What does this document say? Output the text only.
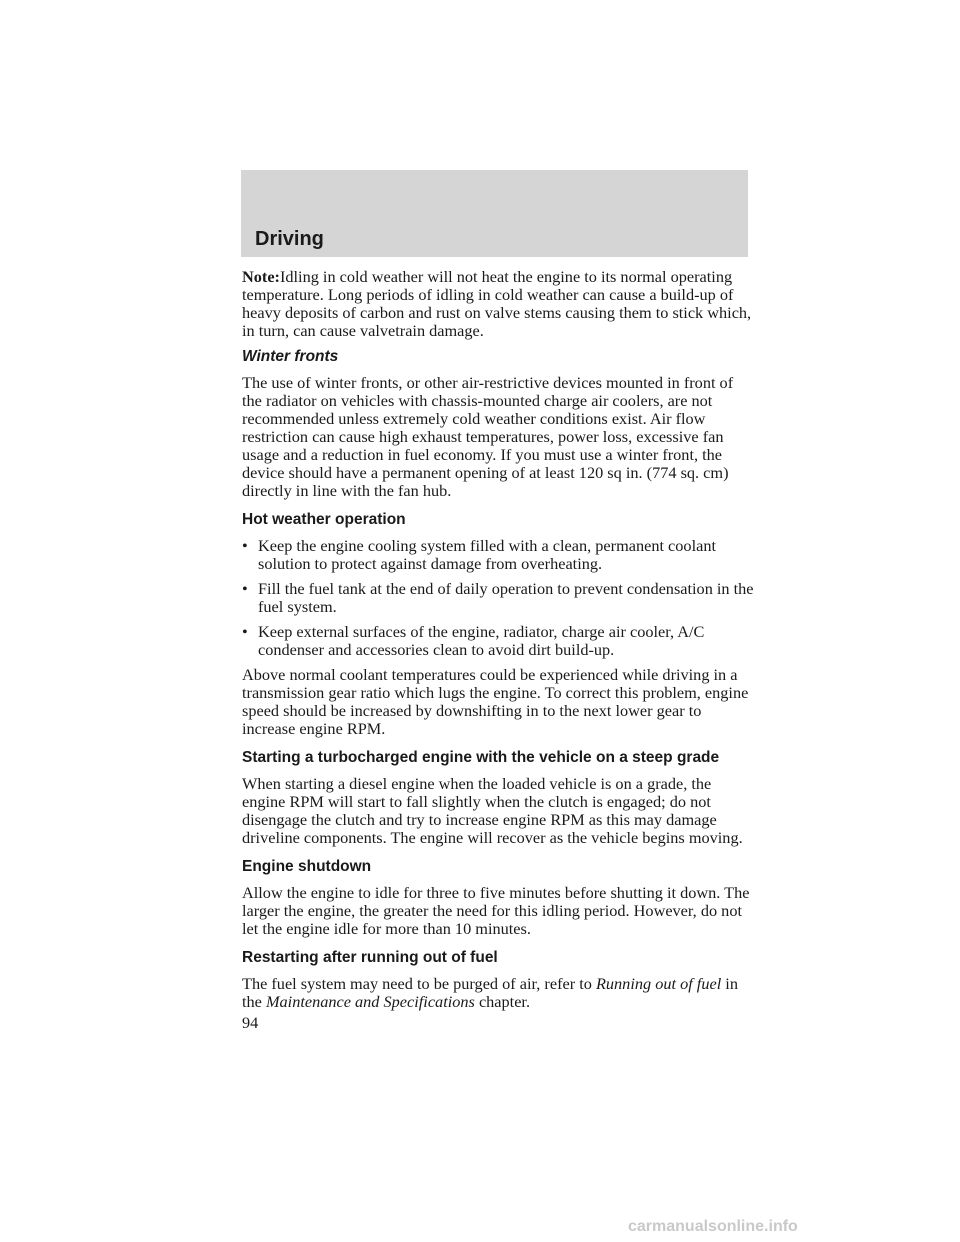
Driving

Note:Idling in cold weather will not heat the engine to its normal operating temperature. Long periods of idling in cold weather can cause a build-up of heavy deposits of carbon and rust on valve stems causing them to stick which, in turn, can cause valvetrain damage.

Winter fronts

The use of winter fronts, or other air-restrictive devices mounted in front of the radiator on vehicles with chassis-mounted charge air coolers, are not recommended unless extremely cold weather conditions exist. Air flow restriction can cause high exhaust temperatures, power loss, excessive fan usage and a reduction in fuel economy. If you must use a winter front, the device should have a permanent opening of at least 120 sq in. (774 sq. cm) directly in line with the fan hub.

Hot weather operation
• Keep the engine cooling system filled with a clean, permanent coolant solution to protect against damage from overheating.
• Fill the fuel tank at the end of daily operation to prevent condensation in the fuel system.
• Keep external surfaces of the engine, radiator, charge air cooler, A/C condenser and accessories clean to avoid dirt build-up.

Above normal coolant temperatures could be experienced while driving in a transmission gear ratio which lugs the engine. To correct this problem, engine speed should be increased by downshifting in to the next lower gear to increase engine RPM.

Starting a turbocharged engine with the vehicle on a steep grade

When starting a diesel engine when the loaded vehicle is on a grade, the engine RPM will start to fall slightly when the clutch is engaged; do not disengage the clutch and try to increase engine RPM as this may damage driveline components. The engine will recover as the vehicle begins moving.

Engine shutdown

Allow the engine to idle for three to five minutes before shutting it down. The larger the engine, the greater the need for this idling period. However, do not let the engine idle for more than 10 minutes.

Restarting after running out of fuel

The fuel system may need to be purged of air, refer to Running out of fuel in the Maintenance and Specifications chapter.

94
carmanualsonline.info
